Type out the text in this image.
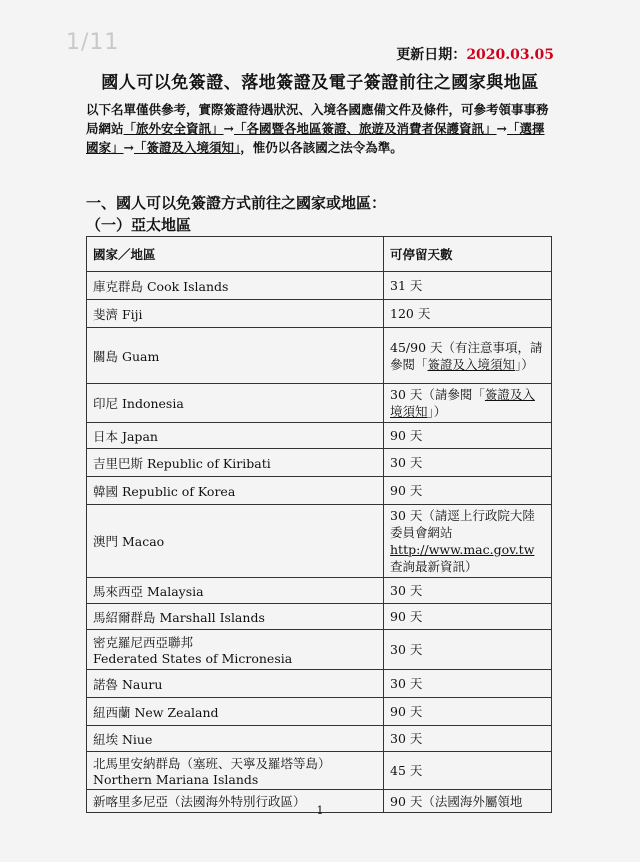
1/11	更新日期：2020.03.05
國人可以免簽證、落地簽證及電子簽證前往之國家與地區
以下名單僅供參考，實際簽證待遇狀況、入境各國應備文件及條件，可參考領事事務局網站「旅外安全資訊」→「各國暨各地區簽證、旅遊及消費者保護資訊」→「選擇國家」→「簽證及入境須知」，惟仍以各該國之法令為準。
一、國人可以免簽證方式前往之國家或地區：
（一）亞太地區
國家／地區	可停留天數
庫克群島 Cook Islands	31 天
斐濟 Fiji	120 天
關島 Guam	45/90 天（有注意事項，請參閱「簽證及入境須知」）
印尼 Indonesia	30 天（請參閱「簽證及入境須知」）
日本 Japan	90 天
吉里巴斯 Republic of Kiribati	30 天
韓國 Republic of Korea	90 天
澳門 Macao	30 天（請逕上行政院大陸委員會網站 http://www.mac.gov.tw 查詢最新資訊）
馬來西亞 Malaysia	30 天
馬紹爾群島 Marshall Islands	90 天
密克羅尼西亞聯邦
Federated States of Micronesia	30 天
諾魯 Nauru	30 天
紐西蘭 New Zealand	90 天
紐埃 Niue	30 天
北馬里安納群島（塞班、天寧及羅塔等島）
Northern Mariana Islands	45 天
新喀里多尼亞（法國海外特別行政區）	90 天（法國海外屬領地
1
